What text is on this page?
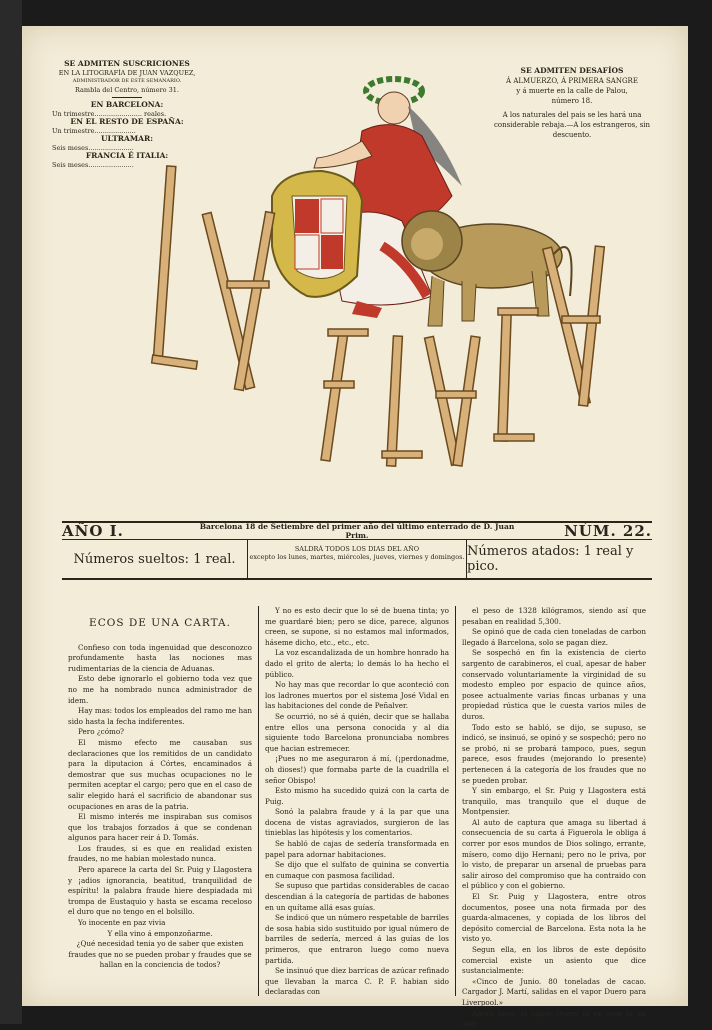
SE ADMITEN SUSCRICIONES
EN LA LITOGRAFÍA DE JUAN VAZQUEZ,
ADMINISTRADOR DE ESTE SEMANARIO.
Rambla del Centro, número 31.
EN BARCELONA:
Un trimestre....................... reales.
EN EL RESTO DE ESPAÑA:
Un trimestre....................
ULTRAMAR:
Seis meses......................
FRANCIA É ITALIA:
Seis meses......................
SE ADMITEN DESAFÍOS
Á ALMUERZO, Á PRIMERA SANGRE
y á muerte en la calle de Palou,
número 18.
A los naturales del pais se les hará una considerable rebaja.—A los estrangeros, sin descuento.
AÑO I.	Barcelona 18 de Setiembre del primer año del último enterrado de D. Juan Prim.	NÚM. 22.
Números sueltos: 1 real.
SALDRÁ TODOS LOS DIAS DEL AÑO
excepto los lunes, martes, miércoles, jueves, viernes y domingos. Números atados: 1 real y pico.
ECOS DE UNA CARTA.

Confieso con toda ingenuidad que desconozco profundamente hasta las nociones mas rudimentarias de la ciencia de Aduanas.

Esto debe ignorarlo el gobierno toda vez que no me ha nombrado nunca administrador de idem.

Hay mas: todos los empleados del ramo me han sido hasta la fecha indiferentes.

Pero ¿cómo?

El mismo efecto me causaban sus declaraciones que los remitidos de un candidato para la diputacion á Córtes, encaminados á demostrar que sus muchas ocupaciones no le permiten aceptar el cargo; pero que en el caso de salir elegido hará el sacrificio de abandonar sus ocupaciones en aras de la patria.

El mismo interés me inspiraban sus comisos que los trabajos forzados á que se condenan algunos para hacer reir á D. Tomás.

Los fraudes, si es que en realidad existen fraudes, no me habian molestado nunca.

Pero aparece la carta del Sr. Puig y Llagostera y ¡adios ignorancia, beatitud, tranquilidad de espíritu! la palabra fraude hiere despiadada mi trompa de Eustaquio y hasta se escama receloso el duro que no tengo en el bolsillo.

Yo inocente en paz vivia

Y ella vino á emponzoñarme.

¿Qué necesidad tenia yo de saber que existen fraudes que no se pueden probar y fraudes que se hallan en la conciencia de todos?

Y no es esto decir que lo sé de buena tinta; yo me guardaré bien; pero se dice, parece, algunos creen, se supone, si no estamos mal informados, háseme dicho, etc., etc., etc.

La voz escandalizada de un hombre honrado ha dado el grito de alerta; lo demás lo ha hecho el público.

No hay mas que recordar lo que aconteció con los ladrones muertos por el sistema José Vidal en las habitaciones del conde de Peñalver.

Se ocurrió, no sé á quién, decir que se hallaba entre ellos una persona conocida y al dia siguiente todo Barcelona pronunciaba nombres que hacian estremecer.

¡Pues no me aseguraron á mí, (¡perdonadme, oh dioses!) que formaba parte de la cuadrilla el señor Obispo!

Esto mismo ha sucedido quizá con la carta de Puig.

Sonó la palabra fraude y á la par que una docena de vistas agraviados, surgieron de las tinieblas las hipótesis y los comentarios.

Se habló de cajas de sedería transformada en papel para adornar habitaciones.

Se dijo que el sulfato de quinina se convertia en cumaque con pasmosa facilidad.

Se supuso que partidas considerables de cacao descendian á la categoría de partidas de habones en un quítame allá esas guías.

Se indicó que un número respetable de barriles de sosa habia sido sustituido por igual número de barriles de sedería, merced á las guías de los primeros, que entraron luego como nueva partida.

Se insinuó que diez barricas de azúcar refinado que llevaban la marca C. P. F. habian sido declaradas con

el peso de 1328 kilógramos, siendo así que pesaban en realidad 5,300.

Se opinó que de cada cien toneladas de carbon llegado á Barcelona, solo se pagan diez.

Se sospechó en fin la existencia de cierto sargento de carabineros, el cual, apesar de haber conservado voluntariamente la virginidad de su modesto empleo por espacio de quince años, posee actualmente varias fincas urbanas y una propiedad rústica que le cuesta varios miles de duros.

Todo esto se habló, se dijo, se supuso, se indicó, se insinuó, se opinó y se sospechó; pero no se probó, ni se probará tampoco, pues, segun parece, esos fraudes (mejorando lo presente) pertenecen á la categoría de los fraudes que no se pueden probar.

Y sin embargo, el Sr. Puig y Llagostera está tranquilo, mas tranquilo que el duque de Montpensier.

Al auto de captura que amaga su libertad á consecuencia de su carta á Figuerola le obliga á correr por esos mundos de Dios solingo, errante, mísero, como dijo Hernani; pero no le priva, por lo visto, de preparar un arsenal de pruebas para salir airoso del compromiso que ha contraido con el público y con el gobierno.

El Sr. Puig y Llagostera, entre otros documentos, posee una nota firmada por des guarda-almacenes, y copiada de los libros del depósito comercial de Barcelona. Esta nota la he visto yo.

Segun ella, en los libros de este depósito comercial existe un asiento que dice sustancialmente:

«Cinco de Junio. 80 toneladas de cacao. Cargador J. Martí, salidas en el vapor Duero para Liverpool.»

Ahora bien: el vapor Duero ni en este ni en otro
